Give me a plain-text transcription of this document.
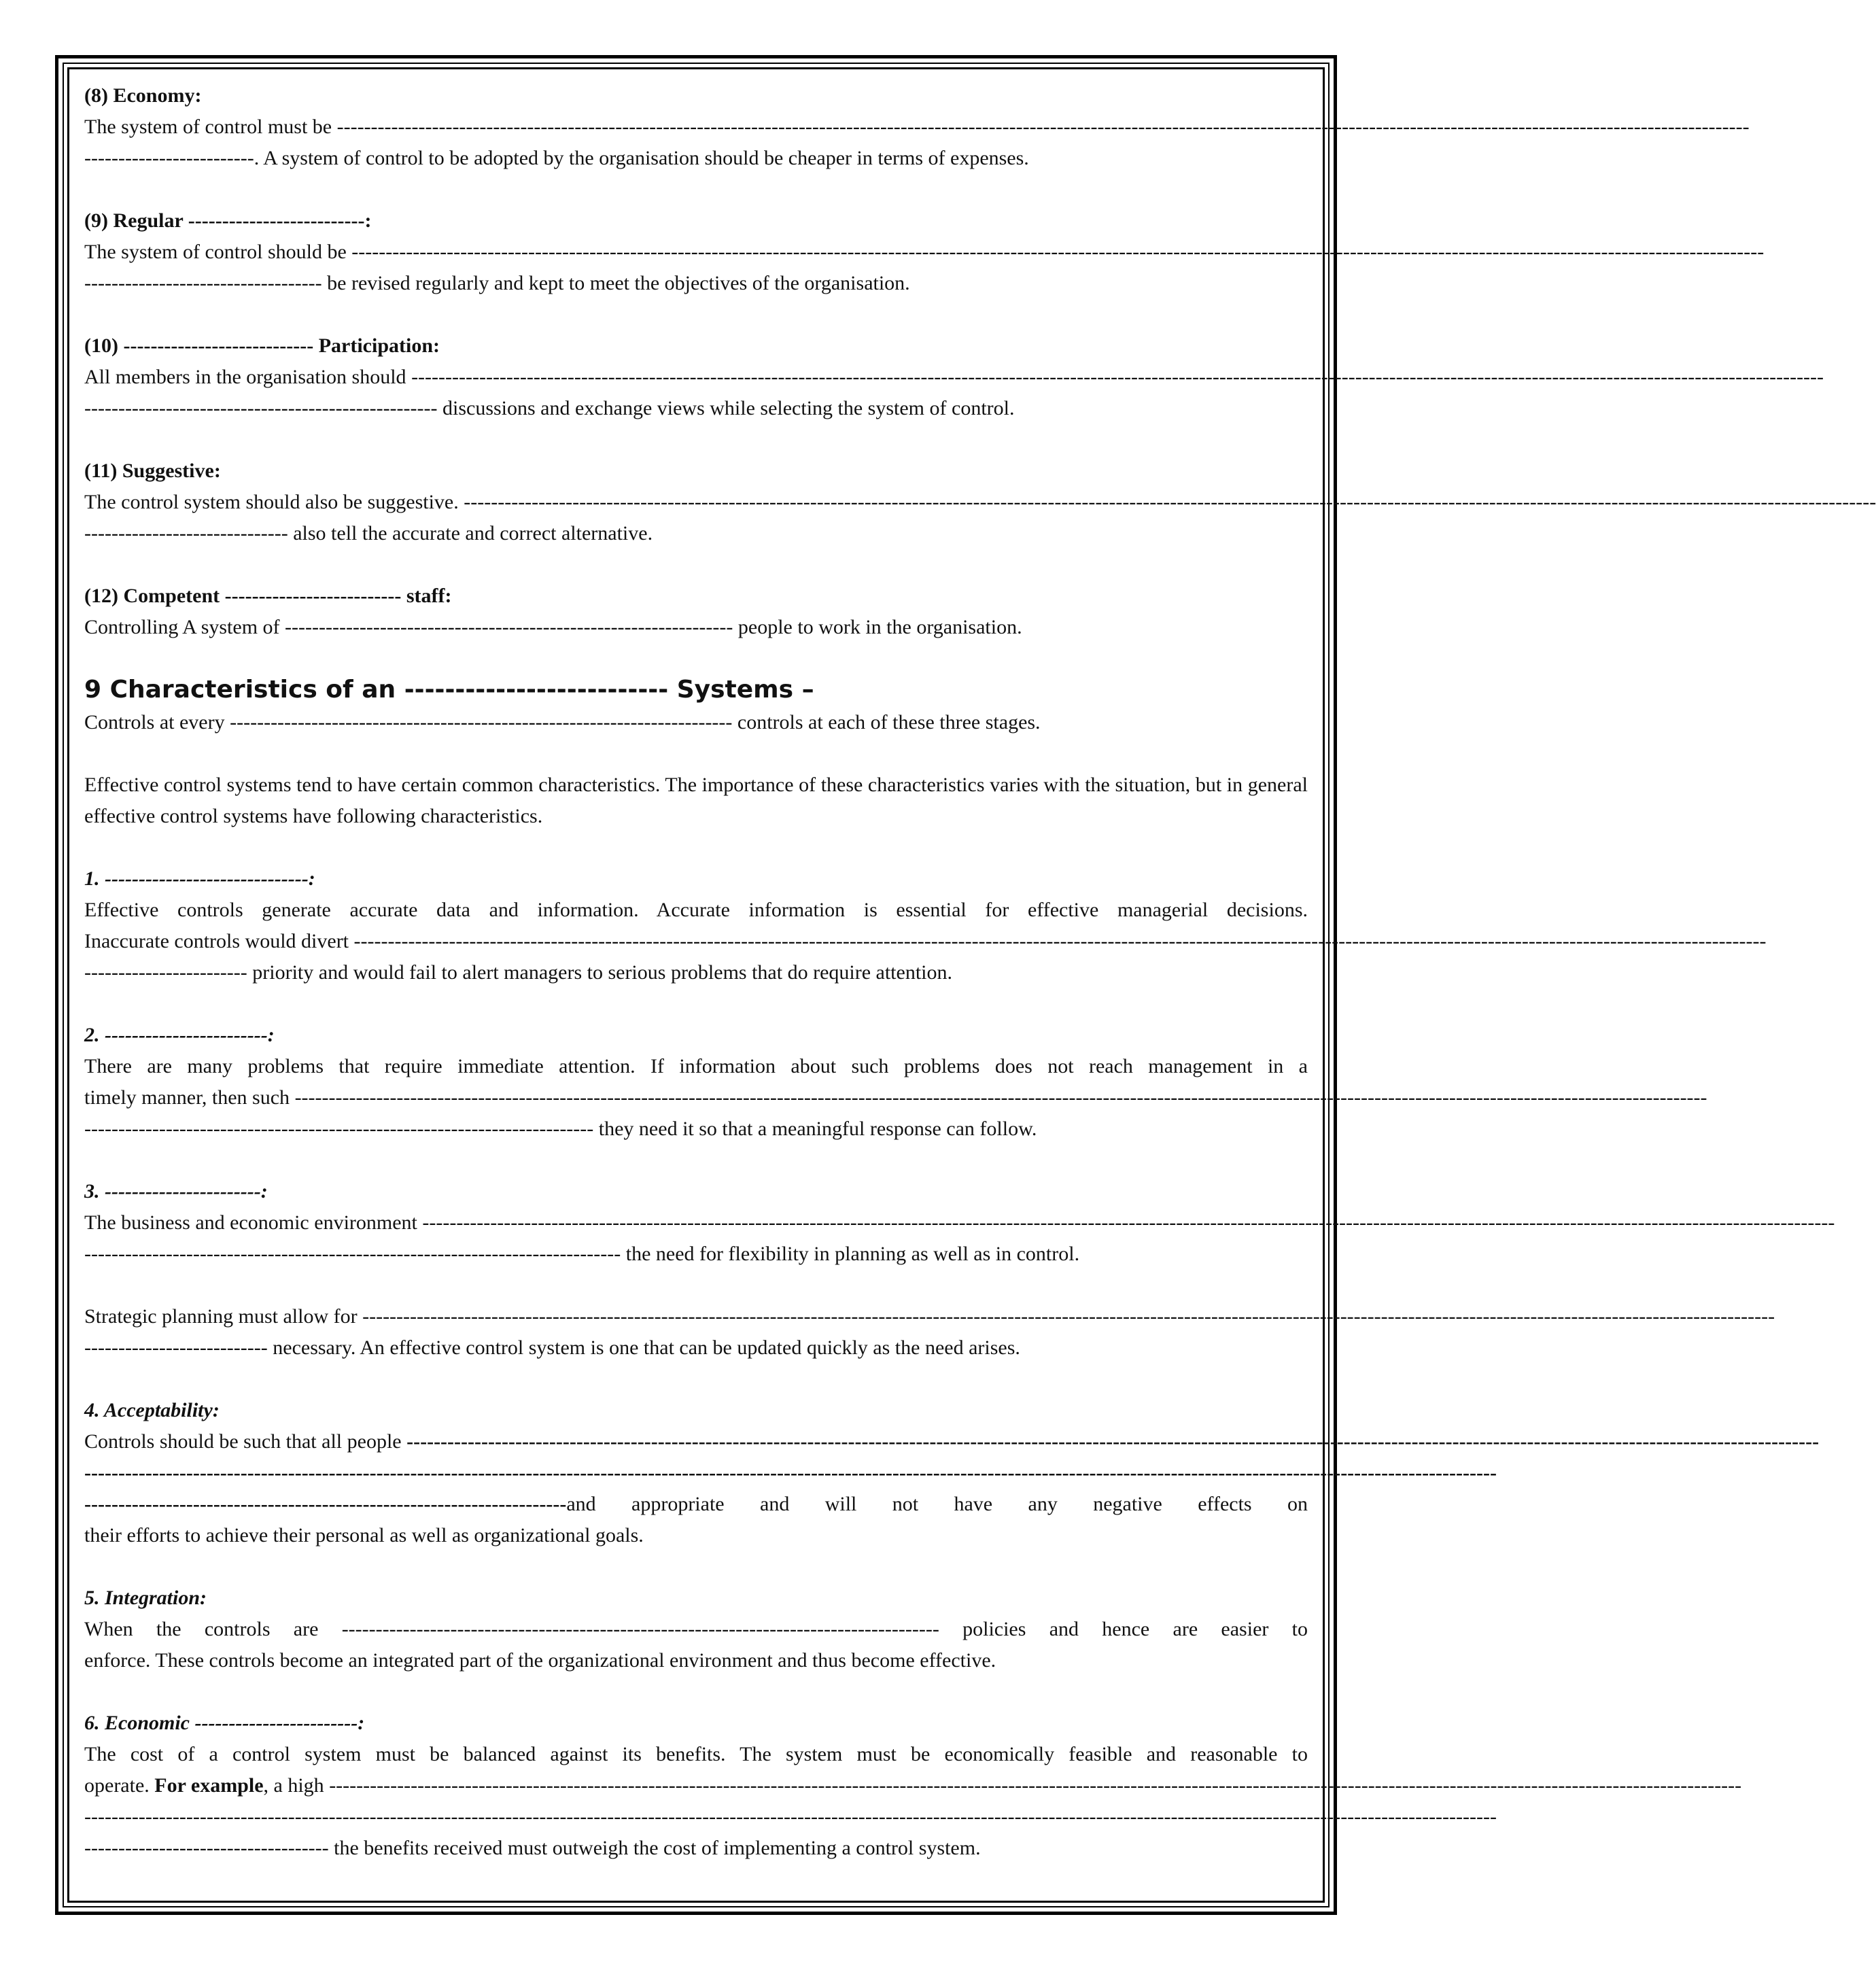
(8) Economy:
The system of control must be ----------------------------------------------------------------------------------------------------------------------------------------------------------------------------------------------------------------
-------------------------. A system of control to be adopted by the organisation should be cheaper in terms of expenses.
(9) Regular --------------------------:
The system of control should be ----------------------------------------------------------------------------------------------------------------------------------------------------------------------------------------------------------------
----------------------------------- be revised regularly and kept to meet the objectives of the organisation.
(10) ---------------------------- Participation:
All members in the organisation should ----------------------------------------------------------------------------------------------------------------------------------------------------------------------------------------------------------------
---------------------------------------------------- discussions and exchange views while selecting the system of control.
(11) Suggestive:
The control system should also be suggestive. ----------------------------------------------------------------------------------------------------------------------------------------------------------------------------------------------------------------
------------------------------ also tell the accurate and correct alternative.
(12) Competent -------------------------- staff:
Controlling A system of ------------------------------------------------------------------ people to work in the organisation.
9 Characteristics of an -------------------------- Systems –
Controls at every -------------------------------------------------------------------------- controls at each of these three stages.

Effective control systems tend to have certain common characteristics. The importance of these characteristics varies with the situation, but in general effective control systems have following characteristics.

1. ------------------------------:
Effective controls generate accurate data and information. Accurate information is essential for effective managerial decisions.
Inaccurate controls would divert ----------------------------------------------------------------------------------------------------------------------------------------------------------------------------------------------------------------
------------------------ priority and would fail to alert managers to serious problems that do require attention.
2. ------------------------:
There are many problems that require immediate attention. If information about such problems does not reach management in a
timely manner, then such ----------------------------------------------------------------------------------------------------------------------------------------------------------------------------------------------------------------
--------------------------------------------------------------------------- they need it so that a meaningful response can follow.
3. -----------------------:
The business and economic environment ----------------------------------------------------------------------------------------------------------------------------------------------------------------------------------------------------------------
------------------------------------------------------------------------------- the need for flexibility in planning as well as in control.
Strategic planning must allow for ----------------------------------------------------------------------------------------------------------------------------------------------------------------------------------------------------------------
--------------------------- necessary. An effective control system is one that can be updated quickly as the need arises.
4. Acceptability:
Controls should be such that all people ----------------------------------------------------------------------------------------------------------------------------------------------------------------------------------------------------------------
----------------------------------------------------------------------------------------------------------------------------------------------------------------------------------------------------------------
-----------------------------------------------------------------------and appropriate and will not have any negative effects on
their efforts to achieve their personal as well as organizational goals.
5. Integration:
When the controls are ---------------------------------------------------------------------------------------- policies and hence are easier to
enforce. These controls become an integrated part of the organizational environment and thus become effective.
6. Economic ------------------------:
The cost of a control system must be balanced against its benefits. The system must be economically feasible and reasonable to
operate. For example, a high ----------------------------------------------------------------------------------------------------------------------------------------------------------------------------------------------------------------
----------------------------------------------------------------------------------------------------------------------------------------------------------------------------------------------------------------
------------------------------------ the benefits received must outweigh the cost of implementing a control system.
